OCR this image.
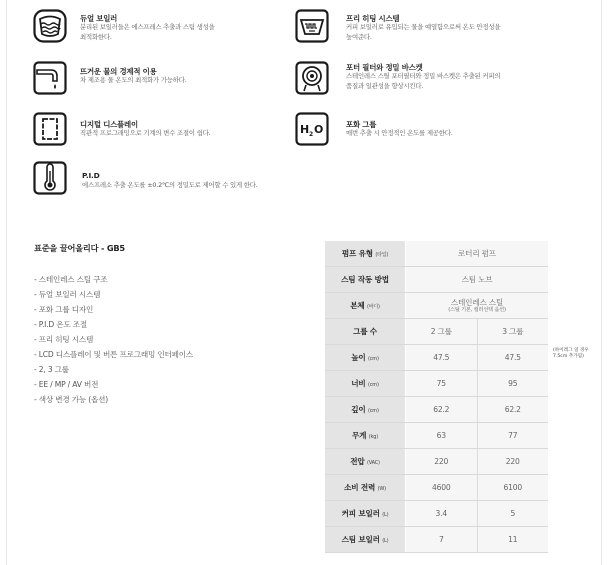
듀얼 보일러
분리된 보일러들은 에스프레스 추출과 스팀 생성을
최적화한다.
프리 히팅 시스템
커피 보일러로 유입되는 물을 예열함으로써 온도 안정성을
높여준다.
뜨거운 물의 경제적 이용
차 제조용 물 온도의 최적화가 가능하다.
포터 필터와 정밀 바스켓
스테인레스 스틸 포터필터와 정밀 바스켓은 추출된 커피의
품질과 일관성을 향상시킨다.
디지털 디스플레이
직관적 프로그래밍으로 기계의 변수 조절이 쉽다.	H 2 O	포화 그룹
매번 추출 시 안정적인 온도를 제공한다.
P.I.D
에스프레소 추출 온도를 ±0.2℃의 정밀도로 제어할 수 있게 한다.
표준을 끌어올리다 - GB5
- 스테인레스 스틸 구조
- 듀얼 보일러 시스템
- 포화 그룹 디자인
- P.I.D 온도 조절
- 프리 히팅 시스템
- LCD 디스플레이 및 버튼 프로그래밍 인터페이스
- 2, 3 그룹
- EE / MP / AV 버전
- 색상 변경 가능 (옵션)
펌프 유형 (타입)	로터리 펌프	
스팀 작동 방법	스팀 노브	
본체 (바디)	스테인레스 스틸
(스틸 기본, 컬러선택 옵션)	

그룹 수	2 그룹	3 그룹
높이 (cm)	47.5	47.5
너비 (cm)	75	95
깊이 (cm)	62.2	62.2
무게 (kg)	63	77
전압 (VAC)	220	220
소비 전력 (W)	4600	6100
커피 보일러 (L)	3.4	5
스팀 보일러 (L)	7	11
(하이레그 일 경우
7.5cm 추가됨)
